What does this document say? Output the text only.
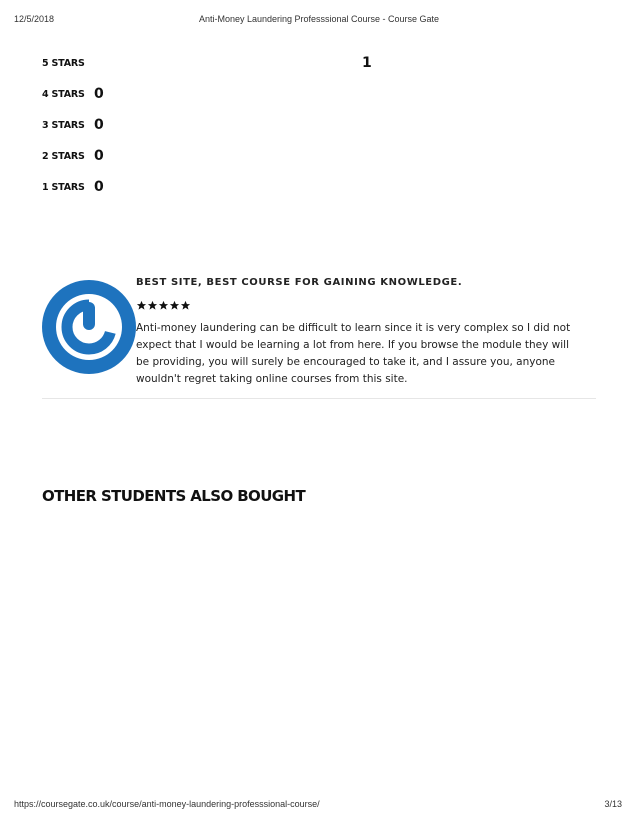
12/5/2018	Anti-Money Laundering Professsional Course - Course Gate
5 STARS	1
4 STARS 0
3 STARS 0
2 STARS 0
1 STARS 0
BEST SITE, BEST COURSE FOR GAINING KNOWLEDGE.
Anti-money laundering can be difficult to learn since it is very complex so I did not expect that I would be learning a lot from here. If you browse the module they will be providing, you will surely be encouraged to take it, and I assure you, anyone wouldn't regret taking online courses from this site.
OTHER STUDENTS ALSO BOUGHT
https://coursegate.co.uk/course/anti-money-laundering-professsional-course/	3/13
